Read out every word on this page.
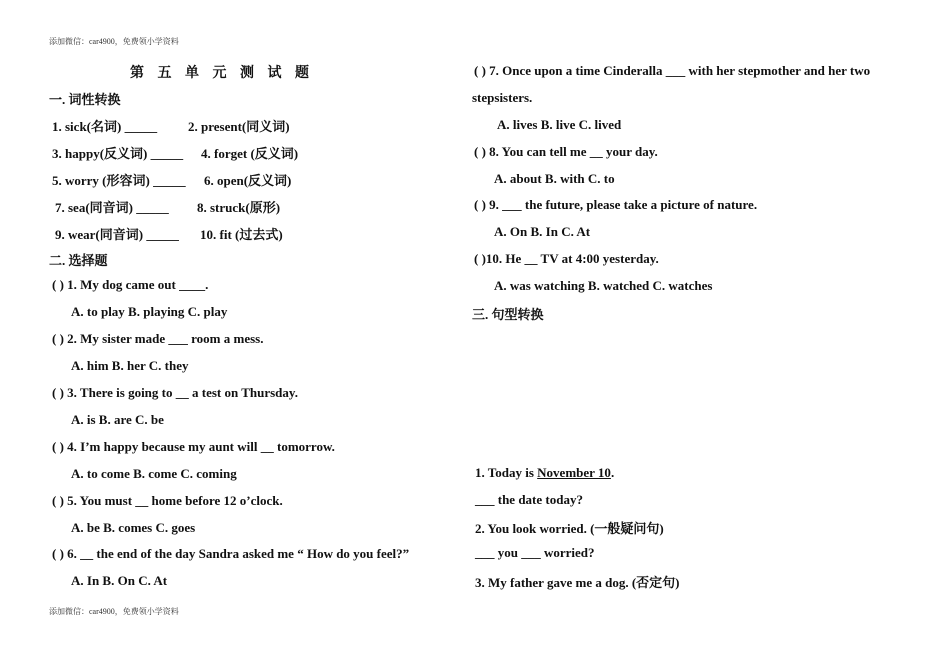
添加微信：car4900，免费领小学资料
添加微信：car4900，免费领小学资料
第 五 单 元 测 试 题
一. 词性转换
1. sick(名词) _____ 2. present(同义词)
3. happy(反义词) _____ 4. forget (反义词)
5. worry (形容词) _____ 6. open(反义词)
7. sea(同音词) _____ 8. struck(原形)
9. wear(同音词) _____ 10. fit (过去式)
二. 选择题
( ) 1. My dog came out ____.
A. to play B. playing C. play
( ) 2. My sister made ___ room a mess.
A. him B. her C. they
( ) 3. There is going to __ a test on Thursday.
A. is B. are C. be
( ) 4. I’m happy because my aunt will __ tomorrow.
A. to come B. come C. coming
( ) 5. You must __ home before 12 o’clock.
A. be B. comes C. goes
( ) 6. __ the end of the day Sandra asked me “ How do you feel?”
A. In B. On C. At
( ) 7. Once upon a time Cinderalla ___ with her stepmother and her two
stepsisters.
A. lives B. live C. lived
( ) 8. You can tell me __ your day.
A. about B. with C. to
( ) 9. ___ the future, please take a picture of nature.
A. On B. In C. At
( )10. He __ TV at 4:00 yesterday.
A. was watching B. watched C. watches
三. 句型转换
1. Today is November 10.
___ the date today?
2. You look worried. (一般疑问句)
___ you ___ worried?
3. My father gave me a dog. (否定句)
